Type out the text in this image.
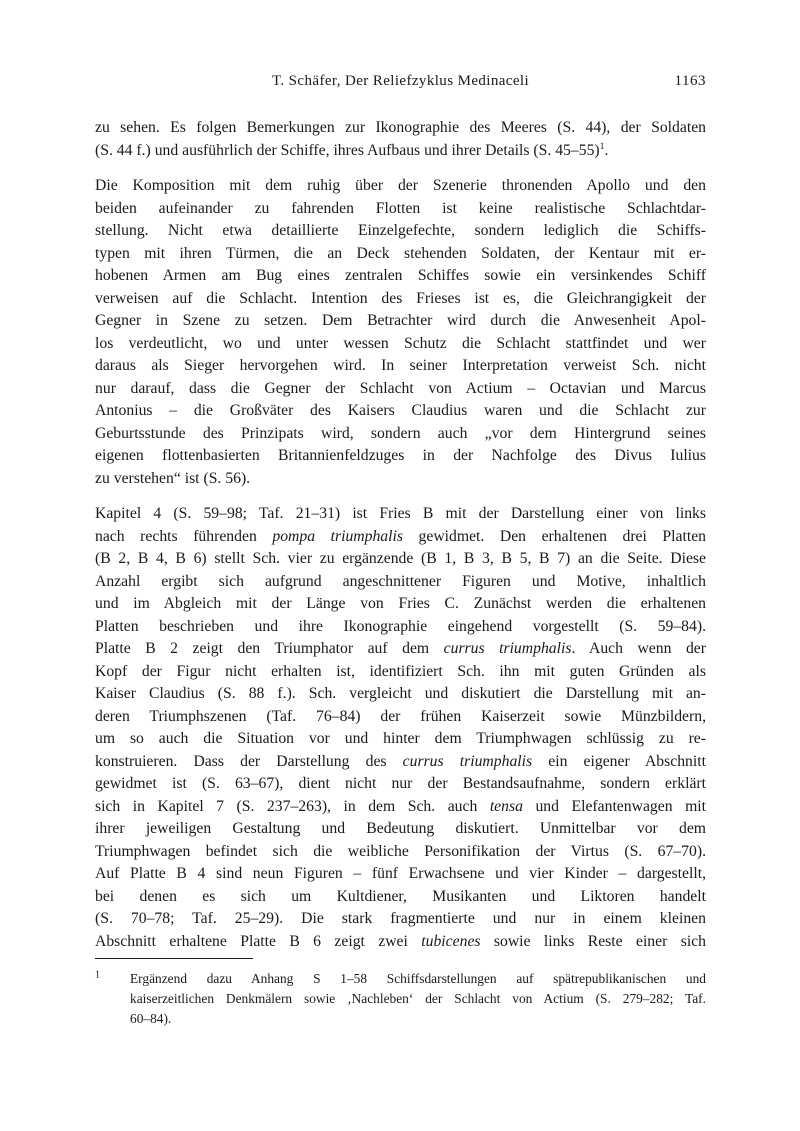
T. Schäfer, Der Reliefzyklus Medinaceli	1163

zu sehen. Es folgen Bemerkungen zur Ikonographie des Meeres (S. 44), der Soldaten
(S. 44 f.) und ausführlich der Schiffe, ihres Aufbaus und ihrer Details (S. 45–55)$^1$.

Die Komposition mit dem ruhig über der Szenerie thronenden Apollo und den
beiden aufeinander zu fahrenden Flotten ist keine realistische Schlachtdar-
stellung. Nicht etwa detaillierte Einzelgefechte, sondern lediglich die Schiffs-
typen mit ihren Türmen, die an Deck stehenden Soldaten, der Kentaur mit er-
hobenen Armen am Bug eines zentralen Schiffes sowie ein versinkendes Schiff
verweisen auf die Schlacht. Intention des Frieses ist es, die Gleichrangigkeit der
Gegner in Szene zu setzen. Dem Betrachter wird durch die Anwesenheit Apol-
los verdeutlicht, wo und unter wessen Schutz die Schlacht stattfindet und wer
daraus als Sieger hervorgehen wird. In seiner Interpretation verweist Sch. nicht
nur darauf, dass die Gegner der Schlacht von Actium – Octavian und Marcus
Antonius – die Großväter des Kaisers Claudius waren und die Schlacht zur
Geburtsstunde des Prinzipats wird, sondern auch „vor dem Hintergrund seines
eigenen flottenbasierten Britannienfeldzuges in der Nachfolge des Divus Iulius
zu verstehen“ ist (S. 56).

Kapitel 4 (S. 59–98; Taf. 21–31) ist Fries B mit der Darstellung einer von links
nach rechts führenden pompa triumphalis gewidmet. Den erhaltenen drei Platten
(B 2, B 4, B 6) stellt Sch. vier zu ergänzende (B 1, B 3, B 5, B 7) an die Seite. Diese
Anzahl ergibt sich aufgrund angeschnittener Figuren und Motive, inhaltlich
und im Abgleich mit der Länge von Fries C. Zunächst werden die erhaltenen
Platten beschrieben und ihre Ikonographie eingehend vorgestellt (S. 59–84).
Platte B 2 zeigt den Triumphator auf dem currus triumphalis. Auch wenn der
Kopf der Figur nicht erhalten ist, identifiziert Sch. ihn mit guten Gründen als
Kaiser Claudius (S. 88 f.). Sch. vergleicht und diskutiert die Darstellung mit an-
deren Triumphszenen (Taf. 76–84) der frühen Kaiserzeit sowie Münzbildern,
um so auch die Situation vor und hinter dem Triumphwagen schlüssig zu re-
konstruieren. Dass der Darstellung des currus triumphalis ein eigener Abschnitt
gewidmet ist (S. 63–67), dient nicht nur der Bestandsaufnahme, sondern erklärt
sich in Kapitel 7 (S. 237–263), in dem Sch. auch tensa und Elefantenwagen mit
ihrer jeweiligen Gestaltung und Bedeutung diskutiert. Unmittelbar vor dem
Triumphwagen befindet sich die weibliche Personifikation der Virtus (S. 67–70).
Auf Platte B 4 sind neun Figuren – fünf Erwachsene und vier Kinder – dargestellt,
bei denen es sich um Kultdiener, Musikanten und Liktoren handelt
(S. 70–78; Taf. 25–29). Die stark fragmentierte und nur in einem kleinen
Abschnitt erhaltene Platte B 6 zeigt zwei tubicenes sowie links Reste einer sich

$^1$	Ergänzend dazu Anhang S 1–58 Schiffsdarstellungen auf spätrepublikanischen und
kaiserzeitlichen Denkmälern sowie ‚Nachleben‘ der Schlacht von Actium (S. 279–282; Taf.
60–84).
